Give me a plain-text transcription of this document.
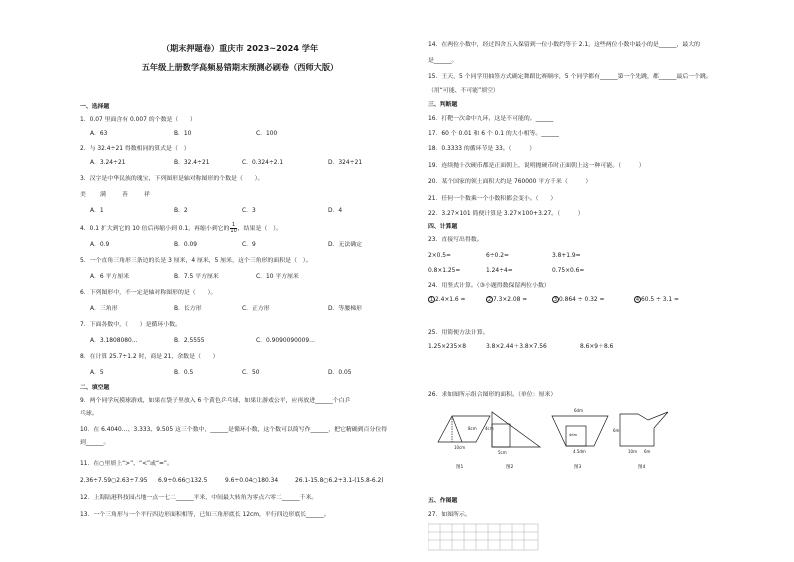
（期末押题卷）重庆市 2023~2024 学年
五年级上册数学高频易错期末预测必刷卷（西师大版）
一、选择题
1．0.07 里面含有 0.007 的个数是（　　）
A．63	B．10	C．100
2．与 32.4÷21 得数相同的算式是（　）
A．3.24÷21	B．32.4÷21	C．0.324÷2.1	D．324÷21
3．汉字是中华民族的瑰宝，下列图形是轴对称图形的个数是（　　）。
美 满	善	祥
A．1	B．2	C．3	D．4
4．0.1 扩大到它的 10 倍后再缩小到 0.1，再缩小到它的 $\frac{1}{10}$ ，结果是（　）。
A．0.9	B．0.09	C．9	D．无法确定
5．一个直角三角形三条边的长是 3 厘米，4 厘米，5 厘米，这个三角形的面积是（　）。
A．6 平方厘米	B．7.5 平方厘米	C．10 平方厘米
6．下列图形中，不一定是轴对称图形的是（　　）。
A．三角形	B．长方形	C．正方形	D．等腰梯形
7．下面各数中，（　　）是循环小数。
A．3.1808080…	B．2.5555	C．0.9090090009…
8．在计算 25.7÷1.2 时，商是 21，余数是（　　）
A．5	B．0.5	C．50	D．0.05
二、填空题
9．两个同学玩摸球游戏，如果在袋子里放入 6 个黄色乒乓球，如果让游戏公平，应再放进______个白乒
乓球。
10．在 6.4040…、3.333、9.505 这三个数中，______是循环小数，这个数可以简写作______，把它精确到百分位得
到______。
11．在○里填上“>”、“<”或“=”。
2.36÷7.59○2.63÷7.95 6.9÷0.66○132.5	9.6÷0.04○180.34	26.1-15.8○6.2÷3.1-(15.8-6.2)
12．上海陆港科技园占地一点一七二______平米，中间最大转角为零点六零二______千米。
13．一个三角形与一个平行四边形面积相等，已知三角形底长 12cm，平行四边形底长______。
14．在两位小数中，经过四舍五入保留到一位小数约等于 2.1，这些两位小数中最小的是______，最大的
是______。
15．王天，5 个同学用抽签方式确定舞蹈比赛顺序，5 个同学都有______第一个先跳，都______最后一个跳。
（用“可能、不可能”填空）
三、判断题
16．打靶一次命中九环，这是不可能的。______
17．60 个 0.01 和 6 个 0.1 的大小相等。______
18．0.3333 的循环节是 33。（　　　）
19．连续抛十次硬币都是正面朝上，说明抛硬币时正面朝上这一种可能。（　　　）
20．某个国家的领土面积大约是 760000 平方千米（　　　）
21．任何一个数乘一个小数积都会变小。（　　）
22．3.27×101 简便计算是 3.27×100+3.27。（　　　）
四、计算题
23．直接写出得数。
2×0.5=	6÷0.2=	3.8+1.9=
0.8×1.25=	1.24÷4=	0.75×0.6=
24．用竖式计算。（③小题得数保留两位小数）
1 2.4×1.6 =	2 7.3×2.08 =	3 0.864 ÷ 0.32 =	4 60.5 ÷ 3.1 =
25．用简便方法计算。
1.25×235×8	3.8×2.44＋3.8×7.56	8.6×9＋8.6
26．求如图所示组合图形的面积。（单位：厘米）
8cm
10cm
图1
4cm
5cm
图2
6dm
4dm
4.5dm
图3
6m
10m 6m
图4
五、作图题
27．如图所示。
